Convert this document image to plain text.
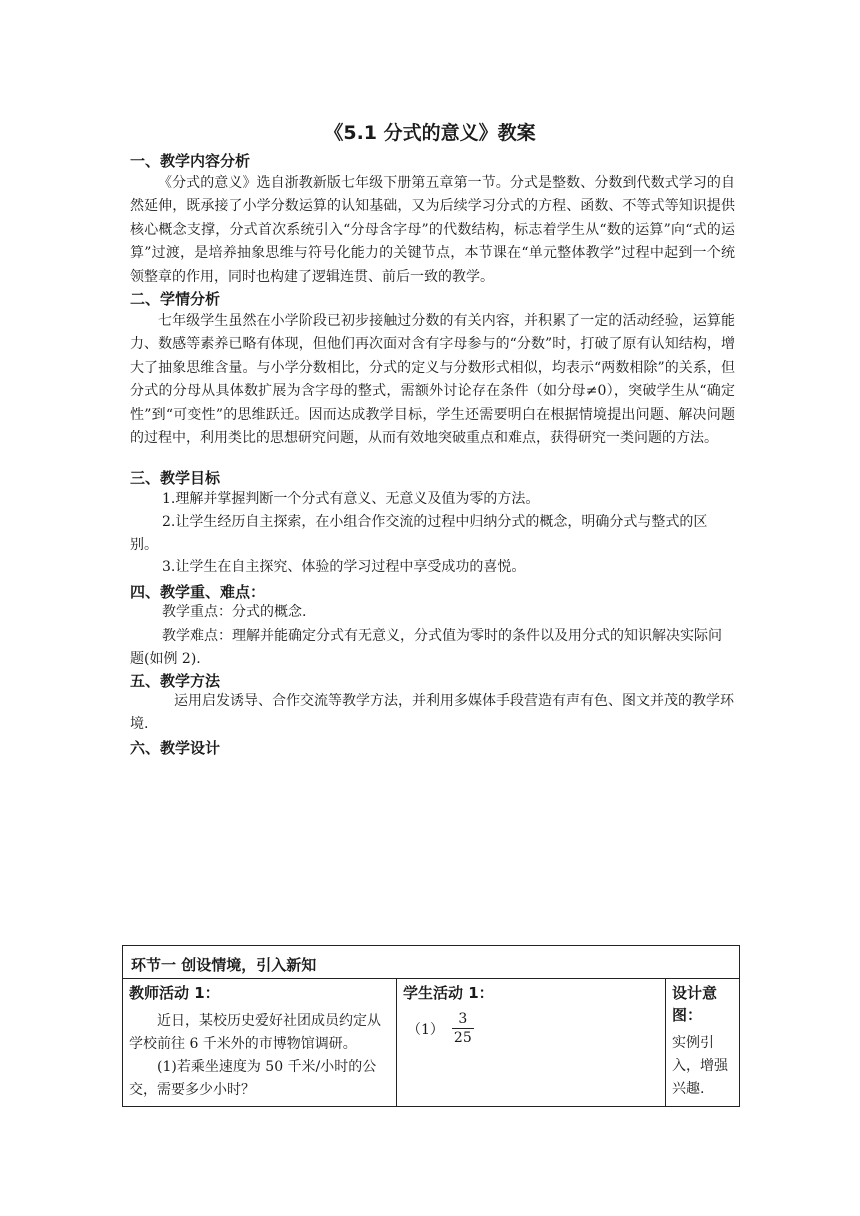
《5.1 分式的意义》教案
一、教学内容分析
《分式的意义》选自浙教新版七年级下册第五章第一节。分式是整数、分数到代数式学习的自然延伸，既承接了小学分数运算的认知基础，又为后续学习分式的方程、函数、不等式等知识提供核心概念支撑，分式首次系统引入“分母含字母”的代数结构，标志着学生从“数的运算”向“式的运算”过渡，是培养抽象思维与符号化能力的关键节点，本节课在“单元整体教学”过程中起到一个统领整章的作用，同时也构建了逻辑连贯、前后一致的教学。
二、学情分析
七年级学生虽然在小学阶段已初步接触过分数的有关内容，并积累了一定的活动经验，运算能力、数感等素养已略有体现，但他们再次面对含有字母参与的“分数”时，打破了原有认知结构，增大了抽象思维含量。与小学分数相比，分式的定义与分数形式相似，均表示“两数相除”的关系，但分式的分母从具体数扩展为含字母的整式，需额外讨论存在条件（如分母≠0），突破学生从“确定性”到“可变性”的思维跃迁。因而达成教学目标，学生还需要明白在根据情境提出问题、解决问题的过程中，利用类比的思想研究问题，从而有效地突破重点和难点，获得研究一类问题的方法。
三、教学目标
1.理解并掌握判断一个分式有意义、无意义及值为零的方法。
2.让学生经历自主探索，在小组合作交流的过程中归纳分式的概念，明确分式与整式的区别。
3.让学生在自主探究、体验的学习过程中享受成功的喜悦。
四、教学重、难点：
教学重点：分式的概念.
教学难点：理解并能确定分式有无意义，分式值为零时的条件以及用分式的知识解决实际问题(如例 2).
五、教学方法
运用启发诱导、合作交流等教学方法，并利用多媒体手段营造有声有色、图文并茂的教学环境.
六、教学设计
环节一 创设情境，引入新知

教师活动 1：
近日，某校历史爱好社团成员约定从学校前往 6 千米外的市博物馆调研。
(1)若乘坐速度为 50 千米/小时的公交，需要多少小时？

学生活动 1：
$(1) \frac{3}{25}$

设计意图：
实例引入，增强兴趣.
